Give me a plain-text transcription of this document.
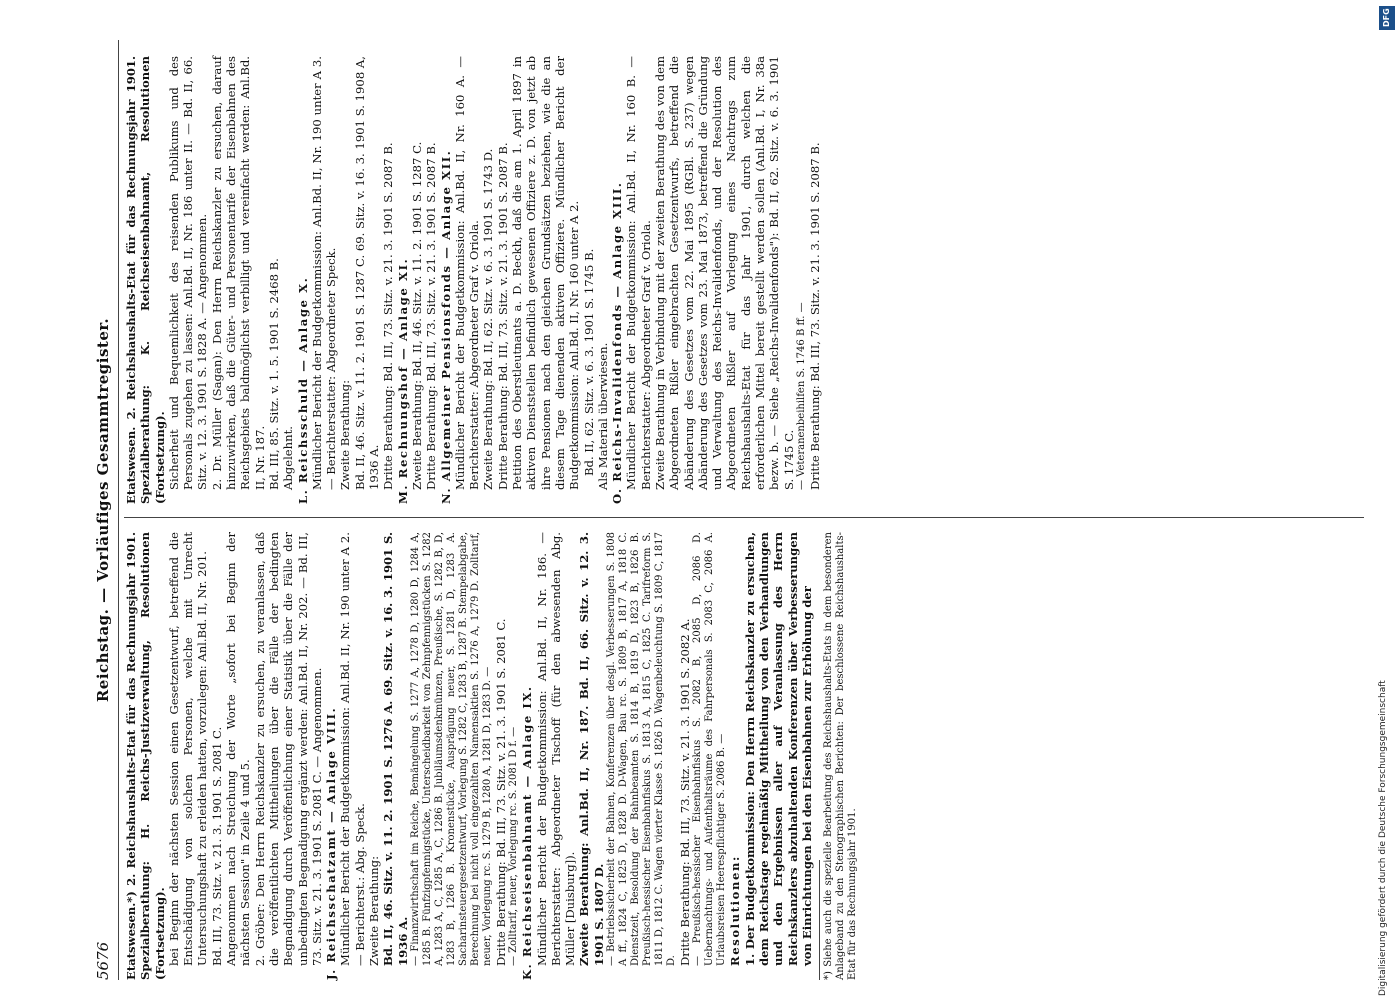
5676
Reichstag. — Vorläufiges Gesammtregister.

Etatswesen.*) 2. Reichshaushalts-Etat für das Rechnungsjahr 1901. Spezialberathung: H. Reichs-Justizverwaltung, Resolutionen (Fortsetzung). bei Beginn der nächsten Session einen Gesetzentwurf, betreffend die Entschädigung von solchen Personen, welche mit Unrecht Untersuchungshaft zu erleiden hatten, vorzulegen: Anl.Bd. II, Nr. 201. Bd. III, 73. Sitz. v. 21. 3. 1901 S. 2081 C. Angenommen nach Streichung der Worte „sofort bei Beginn der nächsten Session" in Zeile 4 und 5. 2. Gröber: Den Herrn Reichskanzler zu ersuchen, zu veranlassen, daß die veröffentlichten Mittheilungen über die Fälle der bedingten Begnadigung durch Veröffentlichung einer Statistik über die Fälle der unbedingten Begnadigung ergänzt werden: Anl.Bd. II, Nr. 202. — Bd. III, 73. Sitz. v. 21. 3. 1901 S. 2081 C. — Angenommen. J. Reichsschatzamt — Anlage VIII. Mündlicher Bericht der Budgetkommission: Anl.Bd. II, Nr. 190 unter A 2. — Berichterst.: Abg. Speck. Zweite Berathung: Bd. II, 46. Sitz. v. 11. 2. 1901 S. 1276 A. 69. Sitz. v. 16. 3. 1901 S. 1936 A. — Finanzwirthschaft im Reiche, Bemängelung S. 1277 A, 1278 D, 1280 D, 1284 A, 1285 B. Fünfzigpfennigstücke, Unterscheidbarkeit von Zehnpfennigstücken S. 1282 A, 1283 A, C, 1285 A, C, 1286 B. Jubiläumsdenkmünzen, Preußische, S. 1282 B, D, 1283 B, 1286 B. Kronenstücke, Ausprägung neuer, S. 1281 D, 1283 A. Sacharinsteuergesetzentwurf, Vorlegung S. 1282 C, 1283 B, 1287 B. Stempelabgabe, Berechnung bei nicht voll eingezahlten Namensaktien S. 1276 A, 1279 D. Zolltarif, neuer, Vorlegung rc. S. 1279 B, 1280 A, 1281 D, 1283 D. — Dritte Berathung: Bd. III, 73. Sitz. v. 21. 3. 1901 S. 2081 C. — Zolltarif, neuer, Vorlegung rc. S. 2081 D f. — K. Reichseisenbahnamt — Anlage IX. Mündlicher Bericht der Budgetkommission: Anl.Bd. II, Nr. 186. — Berichterstatter: Abgeordneter Tischoff (für den abwesenden Abg. Müller [Duisburg]). Zweite Berathung: Anl.Bd. II, Nr. 187. Bd. II, 66. Sitz. v. 12. 3. 1901 S. 1807 D. — Betriebssicherheit der Bahnen, Konferenzen über desgl. Verbesserungen S. 1808 A ff., 1824 C, 1825 D, 1828 D. D-Wagen, Bau rc. S. 1809 B, 1817 A, 1818 C. Dienstzeit, Besoldung der Bahnbeamten S. 1814 B, 1819 D, 1823 B, 1826 B. Preußisch-hessischer Eisenbahnfiskus S. 1813 A, 1815 C, 1825 C. Tarifreform S. 1811 D, 1812 C. Wagen vierter Klasse S. 1826 D. Wagenbeleuchtung S. 1809 C, 1817 D. Dritte Berathung: Bd. III, 73. Sitz. v. 21. 3. 1901 S. 2082 A. — Preußisch-hessischer Eisenbahnfiskus S. 2082 B, 2085 D, 2086 D. Uebernachtungs- und Aufenthaltsräume des Fahrpersonals S. 2083 C, 2086 A. Urlaubsreisen Heerespflichtiger S. 2086 B. — Resolutionen: 1. Der Budgetkommission: Den Herrn Reichskanzler zu ersuchen, dem Reichstage regelmäßig Mittheilung von den Verhandlungen und den Ergebnissen aller auf Veranlassung des Herrn Reichskanzlers abzuhaltenden Konferenzen über Verbesserungen von Einrichtungen bei den Eisenbahnen zur Erhöhung der *) Siehe auch die spezielle Bearbeitung des Reichshaushalts-Etats in dem besonderen Anlageband zu den Stenographischen Berichten: Der beschlossene Reichshaushalts-Etat für das Rechnungsjahr 1901.

Etatswesen. 2. Reichshaushalts-Etat für das Rechnungsjahr 1901. Spezialberathung: K. Reichseisenbahnamt, Resolutionen (Fortsetzung). Sicherheit und Bequemlichkeit des reisenden Publikums und des Personals zugehen zu lassen: Anl.Bd. II, Nr. 186 unter II. — Bd. II, 66. Sitz. v. 12. 3. 1901 S. 1828 A. — Angenommen. 2. Dr. Müller (Sagan): Den Herrn Reichskanzler zu ersuchen, darauf hinzuwirken, daß die Güter- und Personentarife der Eisenbahnen des Reichsgebiets baldmöglichst verbilligt und vereinfacht werden: Anl.Bd. II, Nr. 187. Bd. III, 85. Sitz. v. 1. 5. 1901 S. 2468 B. Abgelehnt. L. Reichsschuld — Anlage X. Mündlicher Bericht der Budgetkommission: Anl.Bd. II, Nr. 190 unter A 3. — Berichterstatter: Abgeordneter Speck. Zweite Berathung: Bd. II, 46. Sitz. v. 11. 2. 1901 S. 1287 C. 69. Sitz. v. 16. 3. 1901 S. 1908 A, 1936 A. Dritte Berathung: Bd. III, 73. Sitz. v. 21. 3. 1901 S. 2087 B. M. Rechnungshof — Anlage XI. Zweite Berathung: Bd. II, 46. Sitz. v. 11. 2. 1901 S. 1287 C. Dritte Berathung: Bd. III, 73. Sitz. v. 21. 3. 1901 S. 2087 B. N. Allgemeiner Pensionsfonds — Anlage XII. Mündlicher Bericht der Budgetkommission: Anl.Bd. II, Nr. 160 A. — Berichterstatter: Abgeordneter Graf v. Oriola. Zweite Berathung: Bd. II, 62. Sitz. v. 6. 3. 1901 S. 1743 D. Dritte Berathung: Bd. III, 73. Sitz. v. 21. 3. 1901 S. 2087 B. Petition des Oberstleutnants a. D. Beckh, daß die am 1. April 1897 in aktiven Dienststellen befindlich gewesenen Offiziere z. D. von jetzt ab ihre Pensionen nach den gleichen Grundsätzen beziehen, wie die an diesem Tage dienenden aktiven Offiziere. Mündlicher Bericht der Budgetkommission: Anl.Bd. II, Nr. 160 unter A 2. Bd. II, 62. Sitz. v. 6. 3. 1901 S. 1745 B. Als Material überwiesen. O. Reichs-Invalidenfonds — Anlage XIII. Mündlicher Bericht der Budgetkommission: Anl.Bd. II, Nr. 160 B. — Berichterstatter: Abgeordneter Graf v. Oriola. Zweite Berathung in Verbindung mit der zweiten Berathung des von dem Abgeordneten Rißler eingebrachten Gesetzentwurfs, betreffend die Abänderung des Gesetzes vom 22. Mai 1895 (RGBl. S. 237) wegen Abänderung des Gesetzes vom 23. Mai 1873, betreffend die Gründung und Verwaltung des Reichs-Invalidenfonds, und der Resolution des Abgeordneten Rißler auf Vorlegung eines Nachtrags zum Reichshaushalts-Etat für das Jahr 1901, durch welchen die erforderlichen Mittel bereit gestellt werden sollen (Anl.Bd. I, Nr. 38a bezw. b. — Siehe „Reichs-Invalidenfonds"): Bd. II, 62. Sitz. v. 6. 3. 1901 S. 1745 C. — Veteranenbeihilfen S. 1746 B ff. — Dritte Berathung: Bd. III, 73. Sitz. v. 21. 3. 1901 S. 2087 B.

DFG
Digitalisierung gefördert durch die Deutsche Forschungsgemeinschaft
